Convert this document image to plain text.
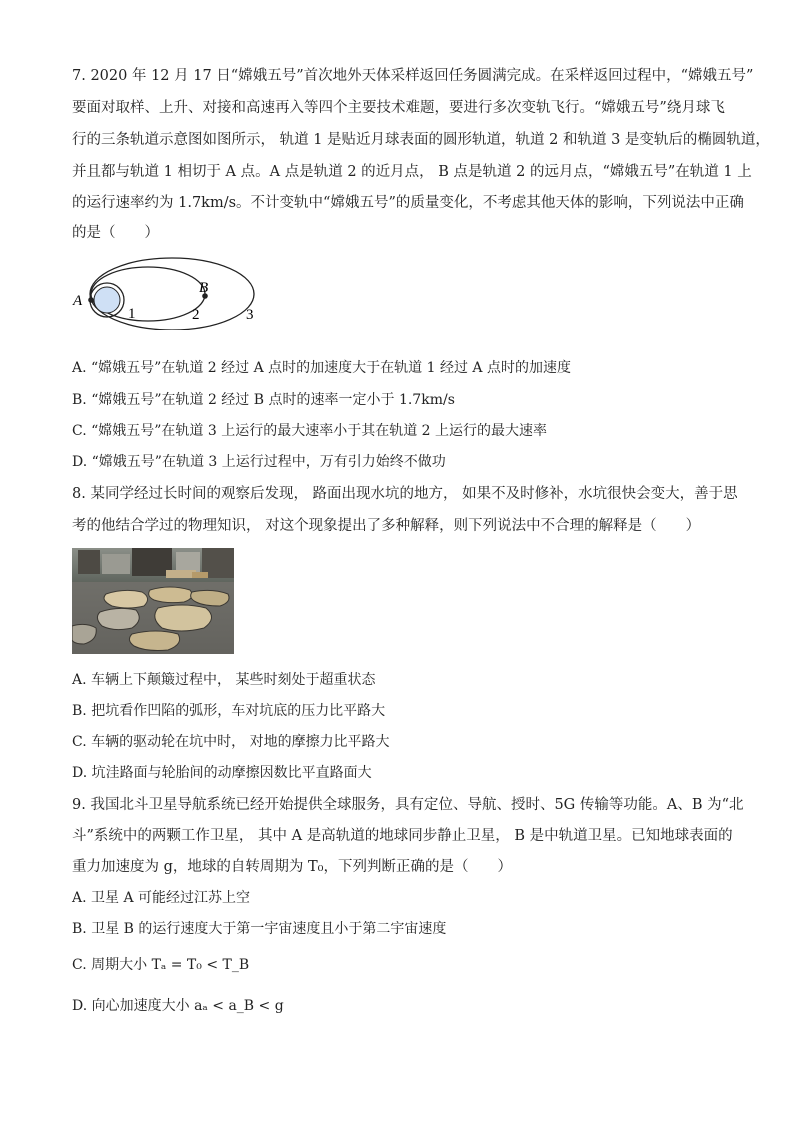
7. 2020 年 12 月 17 日“嫦娥五号”首次地外天体采样返回任务圆满完成。在采样返回过程中，“嫦娥五号”
要面对取样、上升、对接和高速再入等四个主要技术难题，要进行多次变轨飞行。“嫦娥五号”绕月球飞
行的三条轨道示意图如图所示， 轨道 1 是贴近月球表面的圆形轨道，轨道 2 和轨道 3 是变轨后的椭圆轨道，
并且都与轨道 1 相切于 A 点。A 点是轨道 2 的近月点， B 点是轨道 2 的远月点，“嫦娥五号”在轨道 1 上
的运行速率约为 1.7km/s。不计变轨中“嫦娥五号”的质量变化，不考虑其他天体的影响，下列说法中正确
的是（　　）
A
B
1	2	3
A. “嫦娥五号”在轨道 2 经过 A 点时的加速度大于在轨道 1 经过 A 点时的加速度
B. “嫦娥五号”在轨道 2 经过 B 点时的速率一定小于 1.7km/s
C. “嫦娥五号”在轨道 3 上运行的最大速率小于其在轨道 2 上运行的最大速率
D. “嫦娥五号”在轨道 3 上运行过程中，万有引力始终不做功
8. 某同学经过长时间的观察后发现， 路面出现水坑的地方， 如果不及时修补，水坑很快会变大，善于思
考的他结合学过的物理知识， 对这个现象提出了多种解释，则下列说法中不合理的解释是（　　）
A. 车辆上下颠簸过程中， 某些时刻处于超重状态
B. 把坑看作凹陷的弧形，车对坑底的压力比平路大
C. 车辆的驱动轮在坑中时， 对地的摩擦力比平路大
D. 坑洼路面与轮胎间的动摩擦因数比平直路面大
9. 我国北斗卫星导航系统已经开始提供全球服务，具有定位、导航、授时、5G 传输等功能。A、B 为“北
斗”系统中的两颗工作卫星， 其中 A 是高轨道的地球同步静止卫星， B 是中轨道卫星。已知地球表面的
重力加速度为 g，地球的自转周期为 T₀，下列判断正确的是（　　）
A. 卫星 A 可能经过江苏上空
B. 卫星 B 的运行速度大于第一宇宙速度且小于第二宇宙速度
C. 周期大小 Tₐ = T₀ < T_B
D. 向心加速度大小 aₐ < a_B < g
